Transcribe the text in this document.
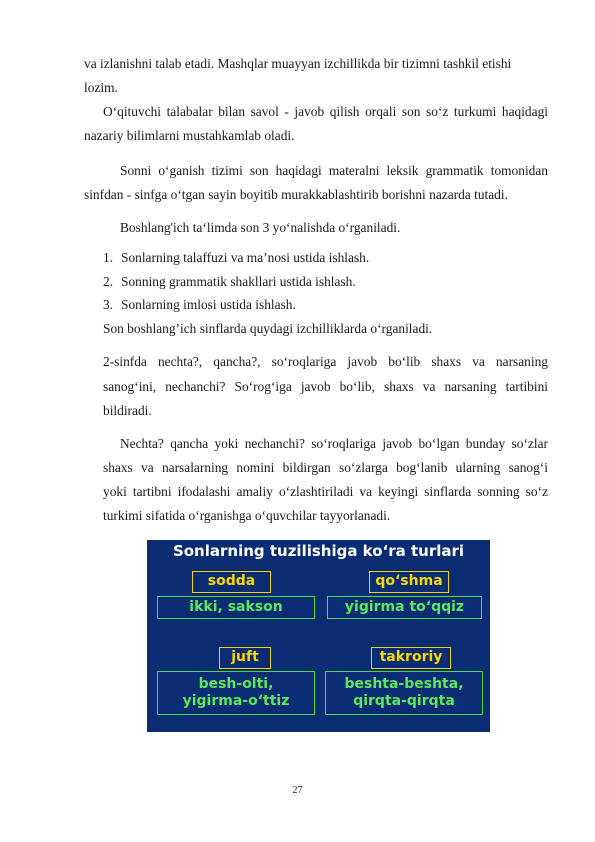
va izlanishni talab etadi. Mashqlar muayyan izchillikda bir tizimni tashkil etishi
lozim.
O‘qituvchi talabalar bilan savol - javob qilish orqali son so‘z turkumi haqidagi
nazariy bilimlarni mustahkamlab oladi.
Sonni o‘ganish tizimi son haqidagi materalni leksik grammatik tomonidan
sinfdan - sinfga o‘tgan sayin boyitib murakkablashtirib borishni nazarda tutadi.
Boshlang'ich ta‘limda son 3 yo‘nalishda o‘rganiladi.
1. Sonlarning talaffuzi va ma’nosi ustida ishlash.
2. Sonning grammatik shakllari ustida ishlash.
3. Sonlarning imlosi ustida ishlash.
Son boshlang’ich sinflarda quydagi izchilliklarda o‘rganiladi.
2-sinfda nechta?, qancha?, so‘roqlariga javob bo‘lib shaxs va narsaning
sanog‘ini, nechanchi? So‘rog‘iga javob bo‘lib, shaxs va narsaning tartibini
bildiradi.
Nechta? qancha yoki nechanchi? so‘roqlariga javob bo‘lgan bunday so‘zlar
shaxs va narsalarning nomini bildirgan so‘zlarga bog‘lanib ularning sanog‘i
yoki tartibni ifodalashi amaliy o‘zlashtiriladi va keyingi sinflarda sonning so‘z
turkimi sifatida o‘rganishga o‘quvchilar tayyorlanadi.
Sonlarning tuzilishiga ko‘ra turlari
sodda
ikki, sakson
qo‘shma
yigirma to‘qqiz
juft
besh-olti,
yigirma-o‘ttiz
takroriy
beshta-beshta,
qirqta-qirqta
27
